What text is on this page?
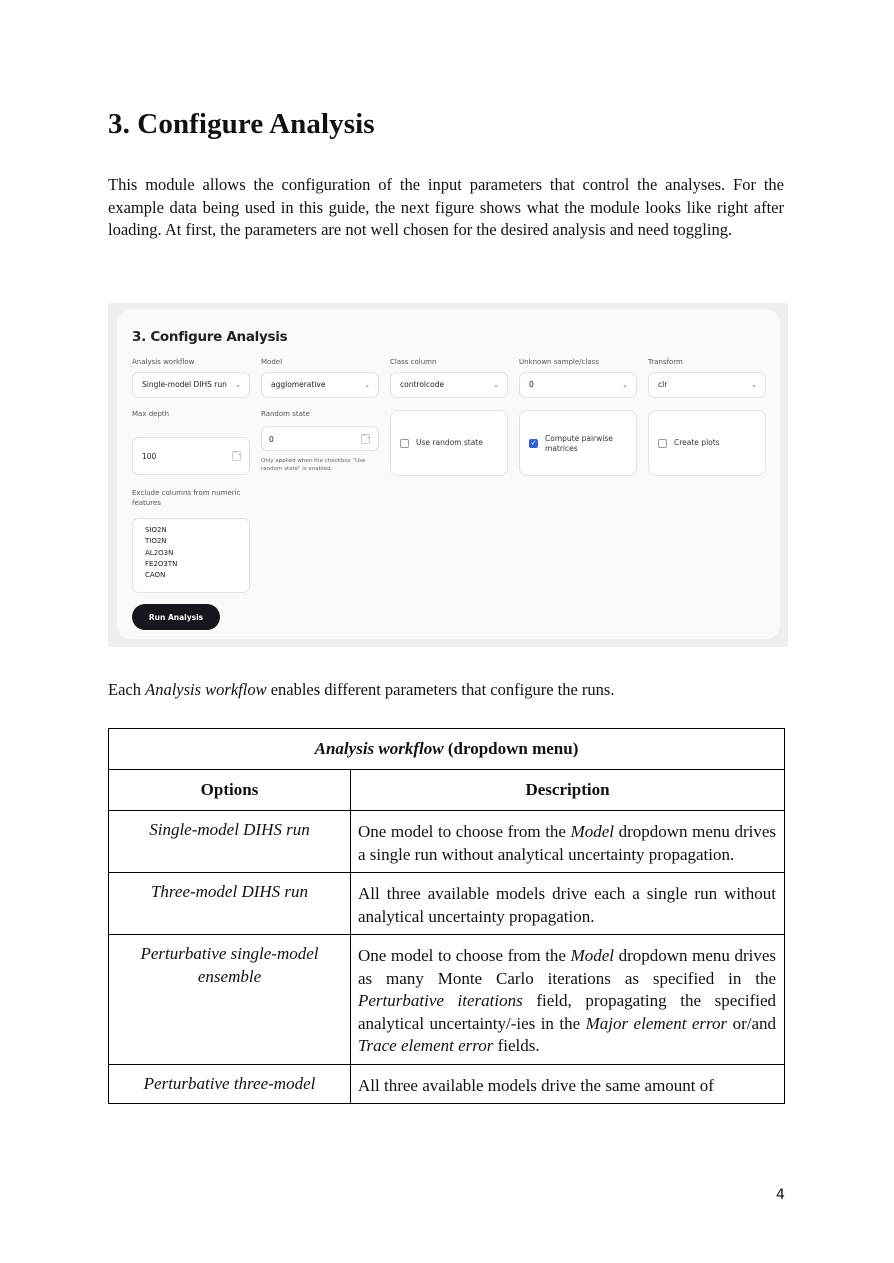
3. Configure Analysis

This module allows the configuration of the input parameters that control the analyses. For the example data being used in this guide, the next figure shows what the module looks like right after loading. At first, the parameters are not well chosen for the desired analysis and need toggling.

3. Configure Analysis
Analysis workflow	Model	Class column	Unknown sample/class	Transform
Single-model DIHS run ⌄	agglomerative	⌄	controlcode	⌄	0	⌄	clr	⌄
Max depth
100	⌃⌄
Random state
0	⌃⌄
Only applied when the checkbox "Use random state" is enabled.
Use random state	✓ Compute pairwise matrices
Create plots
Exclude columns from numeric features
SIO2N
TIO2N
AL2O3N
FE2O3TN
CAON
Run Analysis

Each Analysis workflow enables different parameters that configure the runs.

Analysis workflow (dropdown menu)	
Options	Description
Single-model DIHS run	One model to choose from the Model dropdown menu drives a single run without analytical uncertainty propagation.
Three-model DIHS run	All three available models drive each a single run without analytical uncertainty propagation.
Perturbative single-model ensemble	One model to choose from the Model dropdown menu drives as many Monte Carlo iterations as specified in the Perturbative iterations field, propagating the specified analytical uncertainty/-ies in the Major element error or/and Trace element error fields.
Perturbative three-model	All three available models drive the same amount of
4
